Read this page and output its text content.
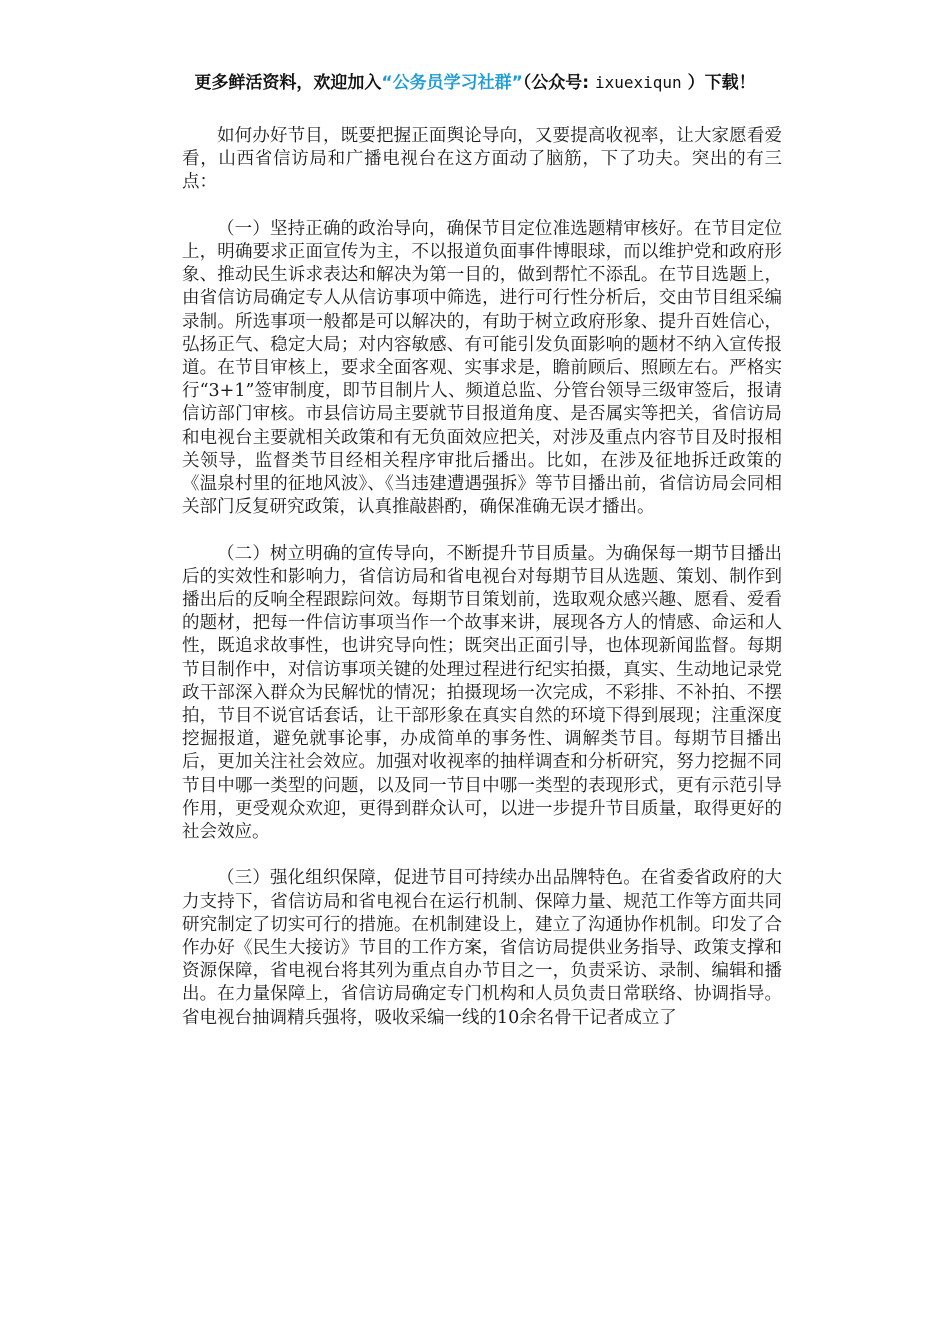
更多鲜活资料，欢迎加入“公务员学习社群”（公众号: ixuexiqun ）下载！

如何办好节目，既要把握正面舆论导向，又要提高收视率，让大家愿看爱看，山西省信访局和广播电视台在这方面动了脑筋，下了功夫。突出的有三点：

（一）坚持正确的政治导向，确保节目定位准选题精审核好。在节目定位上，明确要求正面宣传为主，不以报道负面事件博眼球，而以维护党和政府形象、推动民生诉求表达和解决为第一目的，做到帮忙不添乱。在节目选题上，由省信访局确定专人从信访事项中筛选，进行可行性分析后，交由节目组采编录制。所选事项一般都是可以解决的，有助于树立政府形象、提升百姓信心，弘扬正气、稳定大局；对内容敏感、有可能引发负面影响的题材不纳入宣传报道。在节目审核上，要求全面客观、实事求是，瞻前顾后、照顾左右。严格实行“3+1”签审制度，即节目制片人、频道总监、分管台领导三级审签后，报请信访部门审核。市县信访局主要就节目报道角度、是否属实等把关，省信访局和电视台主要就相关政策和有无负面效应把关，对涉及重点内容节目及时报相关领导，监督类节目经相关程序审批后播出。比如，在涉及征地拆迁政策的《温泉村里的征地风波》、《当违建遭遇强拆》等节目播出前，省信访局会同相关部门反复研究政策，认真推敲斟酌，确保准确无误才播出。

（二）树立明确的宣传导向，不断提升节目质量。为确保每一期节目播出后的实效性和影响力，省信访局和省电视台对每期节目从选题、策划、制作到播出后的反响全程跟踪问效。每期节目策划前，选取观众感兴趣、愿看、爱看的题材，把每一件信访事项当作一个故事来讲，展现各方人的情感、命运和人性，既追求故事性，也讲究导向性；既突出正面引导，也体现新闻监督。每期节目制作中，对信访事项关键的处理过程进行纪实拍摄，真实、生动地记录党政干部深入群众为民解忧的情况；拍摄现场一次完成，不彩排、不补拍、不摆拍，节目不说官话套话，让干部形象在真实自然的环境下得到展现；注重深度挖掘报道，避免就事论事，办成简单的事务性、调解类节目。每期节目播出后，更加关注社会效应。加强对收视率的抽样调查和分析研究，努力挖掘不同节目中哪一类型的问题，以及同一节目中哪一类型的表现形式，更有示范引导作用，更受观众欢迎，更得到群众认可，以进一步提升节目质量，取得更好的社会效应。

（三）强化组织保障，促进节目可持续办出品牌特色。在省委省政府的大力支持下，省信访局和省电视台在运行机制、保障力量、规范工作等方面共同研究制定了切实可行的措施。在机制建设上，建立了沟通协作机制。印发了合作办好《民生大接访》节目的工作方案，省信访局提供业务指导、政策支撑和资源保障，省电视台将其列为重点自办节目之一，负责采访、录制、编辑和播出。在力量保障上，省信访局确定专门机构和人员负责日常联络、协调指导。省电视台抽调精兵强将，吸收采编一线的10余名骨干记者成立了
